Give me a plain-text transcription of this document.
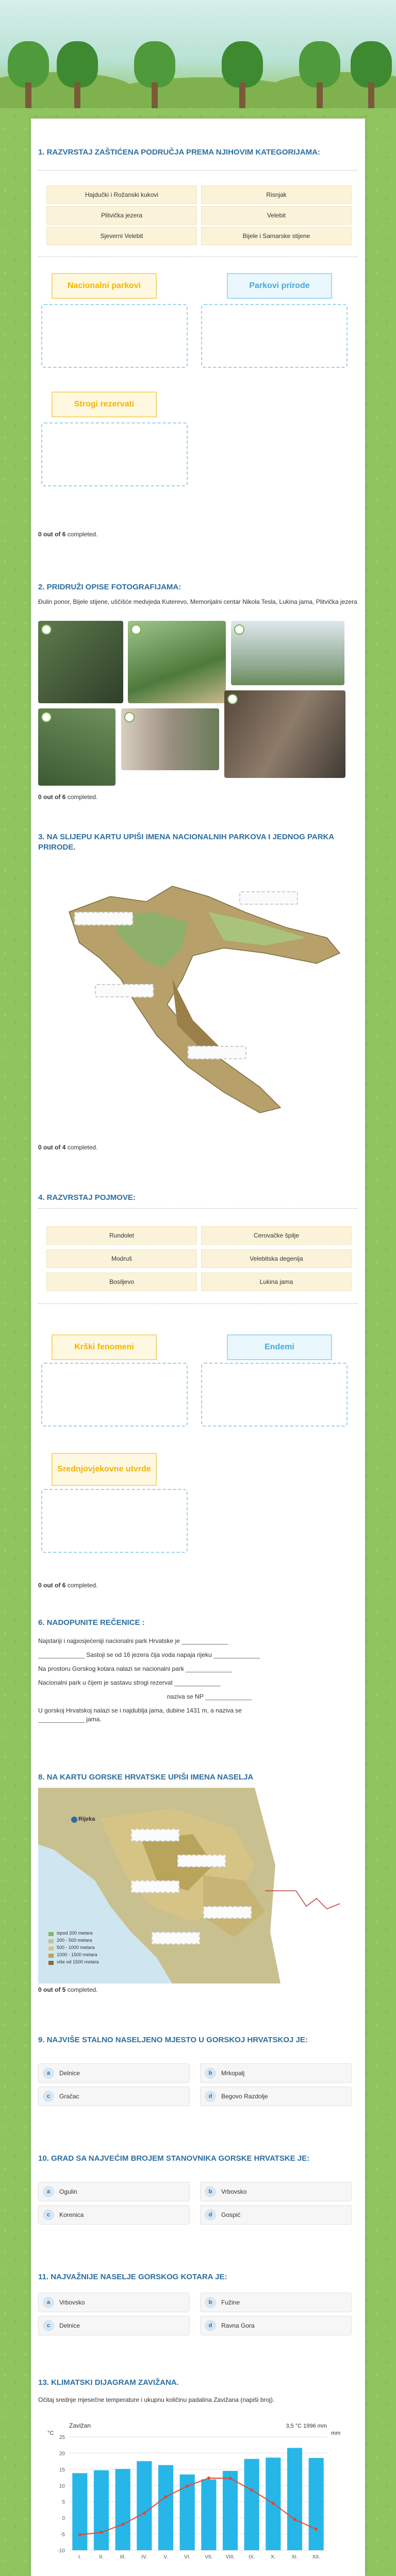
1. RAZVRSTAJ ZAŠTIĆENA PODRUČJA PREMA NJIHOVIM KATEGORIJAMA:
Hajdučki i Rožanski kukovi	Risnjak
Plitvička jezera	Velebit
Sjeverni Velebit	Bijele i Samarske stijene
Nacionalni parkovi	Parkovi prirode
Strogi rezervati
0 out of 6 completed.
2. PRIDRUŽI OPISE FOTOGRAFIJAMA:
Đulin ponor, Bijele stijene, uščišće medvjeda Kuterevo, Memorijalni centar Nikola Tesla, Lukina jama, Plitvička jezera
0 out of 6 completed.
3. NA SLIJEPU KARTU UPIŠI IMENA NACIONALNIH PARKOVA I JEDNOG PARKA PRIRODE.
0 out of 4 completed.
4. RAZVRSTAJ POJMOVE:
Rundolet	Cerovačke špilje
Modruš	Velebitska degenija
Bosiljevo	Lukina jama
Krški fenomeni	Endemi
Srednjovjekovne utvrde
0 out of 6 completed.
6. NADOPUNITE REČENICE :
Najstariji i najposjećeniji nacionalni park Hrvatske je
Sastoji se od 16 jezera čija voda napaja rijeku
Na prostoru Gorskog kotara nalazi se nacionalni park
Nacionalni park u čijem je sastavu strogi rezervat
nazivа se NP
U gorskoj Hrvatskoj nalazi se i najdublja jama, dubine 1431 m, a naziva se
jama.
8. NA KARTU GORSKE HRVATSKE UPIŠI IMENA NASELJA
Rijeka
ispod 200 metara
200 - 500 metara
500 - 1000 metara
1000 - 1500 metara
više od 1500 metara
0 out of 5 completed.
9. NAJVIŠE STALNO NASELJENO MJESTO U GORSKOJ HRVATSKOJ JE:
a	Delnice	b	Mrkopalj
c	Gračac	d	Begovo Razdolje
10. GRAD SA NAJVEĆIM BROJEM STANOVNIKA GORSKE HRVATSKE JE:
a	Ogulin	b	Vrbovsko
c	Korenica	d	Gospić
11. NAJVAŽNIJE NASELJE GORSKOG KOTARA JE:
a	Vrbovsko	b	Fužine
c	Delnice	d	Ravna Gora
13. KLIMATSKI DIJAGRAM ZAVIŽANA.
Očitaj srednje mjesečne temperature i ukupnu količinu padalina Zavižana (napiši broj).
-10
-5
0
5
10
15
20
25
I.	II.	III.	IV.	V.	VI.	VII.	VIII.	IX.	X.	XI.	XII.
Zavižan	3,5 °C 1996 mm
°C	mm
